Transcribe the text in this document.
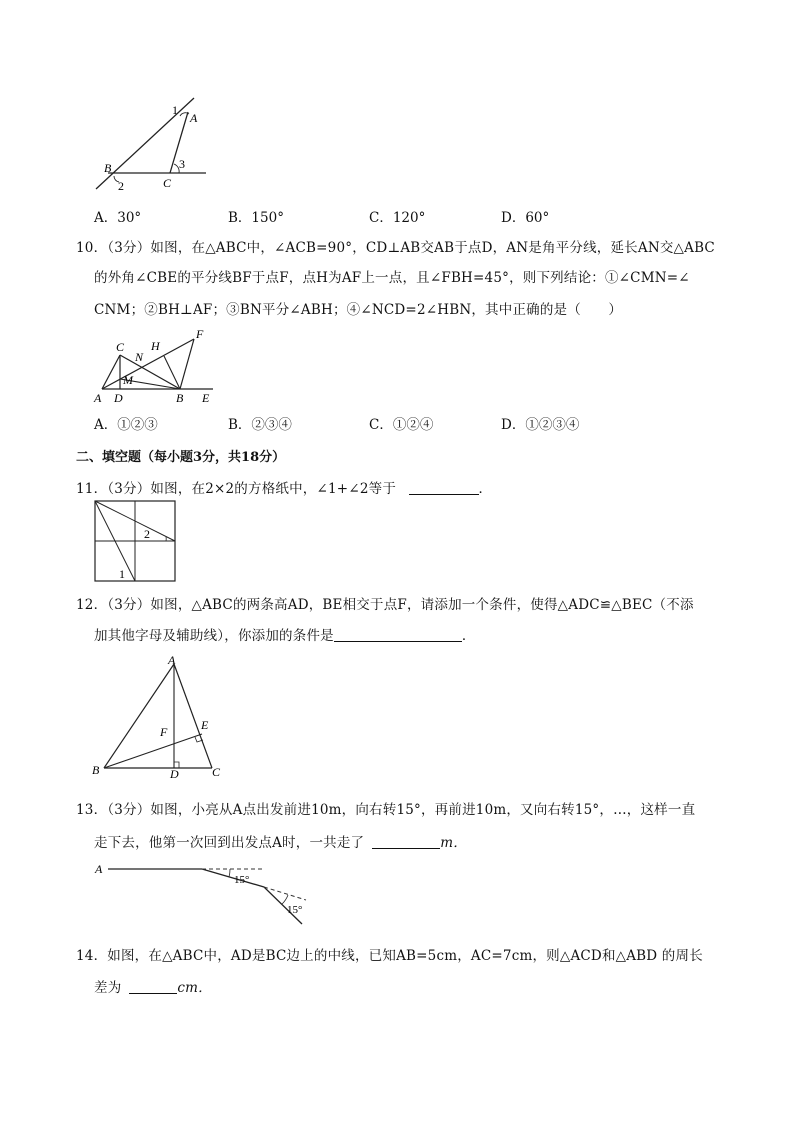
1
A
B
C
2
3
A．30°	B．150°	C．120°	D．60°
10．（3分）如图，在△ABC中，∠ACB=90°，CD⊥AB交AB于点D，AN是角平分线，延长AN交△ABC
的外角∠CBE的平分线BF于点F，点H为AF上一点，且∠FBH=45°，则下列结论：①∠CMN=∠
CNM；②BH⊥AF；③BN平分∠ABH；④∠NCD=2∠HBN，其中正确的是（　　）
C
N
H
F
M
A D	B E
A．①②③	B．②③④	C．①②④	D．①②③④
二、填空题（每小题3分，共18分）
11．（3分）如图，在2×2的方格纸中，∠1+∠2等于	．
2
1
12．（3分）如图，△ABC的两条高AD，BE相交于点F，请添加一个条件，使得△ADC≌△BEC（不添
加其他字母及辅助线），你添加的条件是	．
A
F	E
B	D	C
13．（3分）如图，小亮从A点出发前进10m，向右转15°，再前进10m，又向右转15°，…，这样一直
走下去，他第一次回到出发点A时，一共走了	m．
A
15°
15°
14．如图，在△ABC中，AD是BC边上的中线，已知AB=5cm，AC=7cm，则△ACD和△ABD 的周长
差为	cm．
